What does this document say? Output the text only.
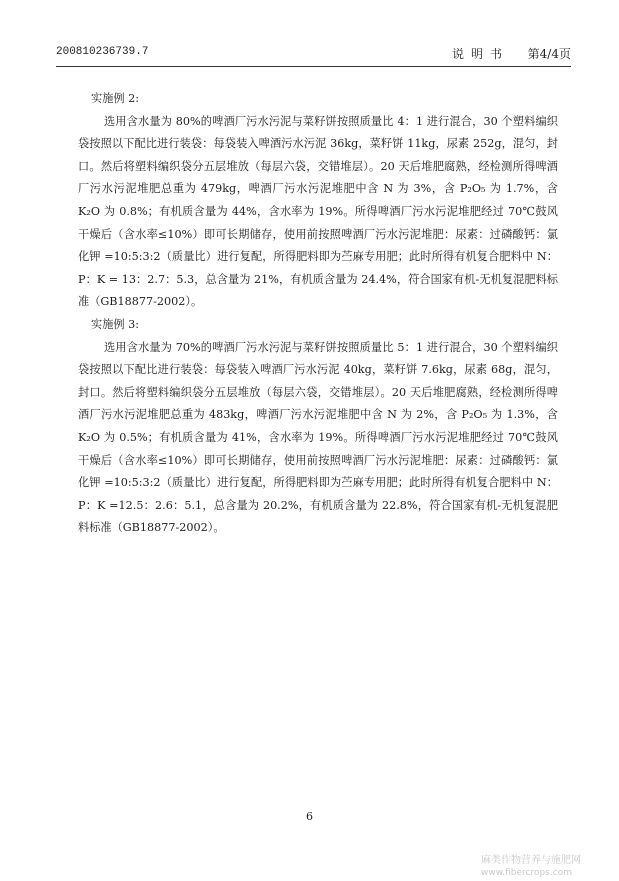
200810236739.7	说明书 第4/4页

实施例 2:

选用含水量为 80%的啤酒厂污水污泥与菜籽饼按照质量比 4：1 进行混合，30 个塑料编织袋按照以下配比进行装袋：每袋装入啤酒污水污泥 36kg，菜籽饼 11kg，尿素 252g，混匀，封口。然后将塑料编织袋分五层堆放（每层六袋，交错堆层）。20 天后堆肥腐熟，经检测所得啤酒厂污水污泥堆肥总重为 479kg，啤酒厂污水污泥堆肥中含 N 为 3%，含 P₂O₅ 为 1.7%，含 K₂O 为 0.8%；有机质含量为 44%，含水率为 19%。所得啤酒厂污水污泥堆肥经过 70℃鼓风干燥后（含水率≤10%）即可长期储存，使用前按照啤酒厂污水污泥堆肥：尿素：过磷酸钙：氯化钾 =10:5:3:2（质量比）进行复配，所得肥料即为苎麻专用肥；此时所得有机复合肥料中 N：P：K = 13：2.7：5.3，总含量为 21%，有机质含量为 24.4%，符合国家有机-无机复混肥料标准（GB18877-2002）。

实施例 3:

选用含水量为 70%的啤酒厂污水污泥与菜籽饼按照质量比 5：1 进行混合，30 个塑料编织袋按照以下配比进行装袋：每袋装入啤酒厂污水污泥 40kg，菜籽饼 7.6kg，尿素 68g，混匀，封口。然后将塑料编织袋分五层堆放（每层六袋，交错堆层）。20 天后堆肥腐熟，经检测所得啤酒厂污水污泥堆肥总重为 483kg，啤酒厂污水污泥堆肥中含 N 为 2%，含 P₂O₅ 为 1.3%，含 K₂O 为 0.5%；有机质含量为 41%，含水率为 19%。所得啤酒厂污水污泥堆肥经过 70℃鼓风干燥后（含水率≤10%）即可长期储存，使用前按照啤酒厂污水污泥堆肥：尿素：过磷酸钙：氯化钾 =10:5:3:2（质量比）进行复配，所得肥料即为苎麻专用肥；此时所得有机复合肥料中 N：P：K =12.5：2.6：5.1，总含量为 20.2%，有机质含量为 22.8%，符合国家有机-无机复混肥料标准（GB18877-2002）。

6
麻类作物营养与施肥网
www.fibercrops.com
